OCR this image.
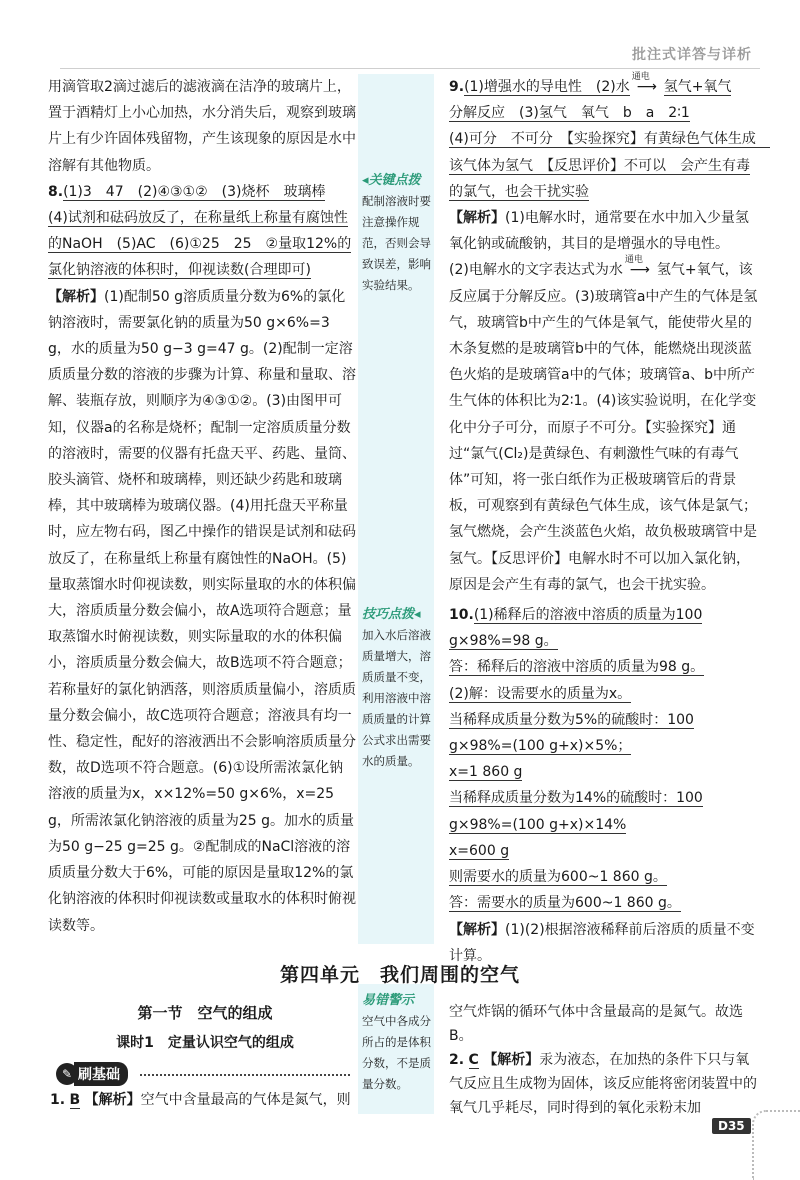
批注式详答与详析

用滴管取2滴过滤后的滤液滴在洁净的玻璃片上，置于酒精灯上小心加热，水分消失后，观察到玻璃片上有少许固体残留物，产生该现象的原因是水中溶解有其他物质。

8.(1)3　47　(2)④③①②　(3)烧杯　玻璃棒

(4)试剂和砝码放反了，在称量纸上称量有腐蚀性的NaOH　(5)AC　(6)①25　25　②量取12%的氯化钠溶液的体积时，仰视读数(合理即可)

【解析】(1)配制50 g溶质质量分数为6%的氯化钠溶液时，需要氯化钠的质量为50 g×6%=3 g，水的质量为50 g−3 g=47 g。(2)配制一定溶质质量分数的溶液的步骤为计算、称量和量取、溶解、装瓶存放，则顺序为④③①②。(3)由图甲可知，仪器a的名称是烧杯；配制一定溶质质量分数的溶液时，需要的仪器有托盘天平、药匙、量筒、胶头滴管、烧杯和玻璃棒，则还缺少药匙和玻璃棒，其中玻璃棒为玻璃仪器。(4)用托盘天平称量时，应左物右码，图乙中操作的错误是试剂和砝码放反了，在称量纸上称量有腐蚀性的NaOH。(5)量取蒸馏水时仰视读数，则实际量取的水的体积偏大，溶质质量分数会偏小，故A选项符合题意；量取蒸馏水时俯视读数，则实际量取的水的体积偏小，溶质质量分数会偏大，故B选项不符合题意；若称量好的氯化钠洒落，则溶质质量偏小，溶质质量分数会偏小，故C选项符合题意；溶液具有均一性、稳定性，配好的溶液洒出不会影响溶质质量分数，故D选项不符合题意。(6)①设所需浓氯化钠溶液的质量为x，x×12%=50 g×6%，x=25 g，所需浓氯化钠溶液的质量为25 g。加水的质量为50 g−25 g=25 g。②配制成的NaCl溶液的溶质质量分数大于6%，可能的原因是量取12%的氯化钠溶液的体积时仰视读数或量取水的体积时俯视读数等。

◂关键点拨
配制溶液时要注意操作规范，否则会导致误差，影响实验结果。
技巧点拨◂
加入水后溶液质量增大，溶质质量不变，利用溶液中溶质质量的计算公式求出需要水的质量。
易错警示
空气中各成分所占的是体积分数，不是质量分数。

9.(1)增强水的导电性　(2)水
通电
⟶ 氢气+氧气

分解反应　(3)氢气　氧气　b　a　2∶1

(4)可分　不可分　【实验探究】有黄绿色气体生成　该气体为氢气　【反思评价】不可以　会产生有毒的氯气，也会干扰实验

【解析】(1)电解水时，通常要在水中加入少量氢氧化钠或硫酸钠，其目的是增强水的导电性。

(2)电解水的文字表达式为水
通电
⟶ 氢气+氧气，该反应属于分解反应。(3)玻璃管a中产生的气体是氢气，玻璃管b中产生的气体是氧气，能使带火星的木条复燃的是玻璃管b中的气体，能燃烧出现淡蓝色火焰的是玻璃管a中的气体；玻璃管a、b中所产生气体的体积比为2∶1。(4)该实验说明，在化学变化中分子可分，而原子不可分。【实验探究】通过“氯气(Cl₂)是黄绿色、有刺激性气味的有毒气体”可知，将一张白纸作为正极玻璃管后的背景板，可观察到有黄绿色气体生成，该气体是氯气；氢气燃烧，会产生淡蓝色火焰，故负极玻璃管中是氢气。【反思评价】电解水时不可以加入氯化钠，原因是会产生有毒的氯气，也会干扰实验。

10.(1)稀释后的溶液中溶质的质量为100 g×98%=98 g。
答：稀释后的溶液中溶质的质量为98 g。
(2)解：设需要水的质量为x。
当稀释成质量分数为5%的硫酸时：100 g×98%=(100 g+x)×5%；
x=1 860 g
当稀释成质量分数为14%的硫酸时：100 g×98%=(100 g+x)×14%
x=600 g
则需要水的质量为600~1 860 g。
答：需要水的质量为600~1 860 g。
【解析】(1)(2)根据溶液稀释前后溶质的质量不变计算。
第四单元　我们周围的空气
第一节　空气的组成
课时1　定量认识空气的组成
✎ 刷基础
1. B 【解析】空气中含量最高的气体是氮气，则
空气炸锅的循环气体中含量最高的是氮气。故选B。
2. C 【解析】汞为液态，在加热的条件下只与氧气反应且生成物为固体，该反应能将密闭装置中的氧气几乎耗尽，同时得到的氧化汞粉末加
D35
